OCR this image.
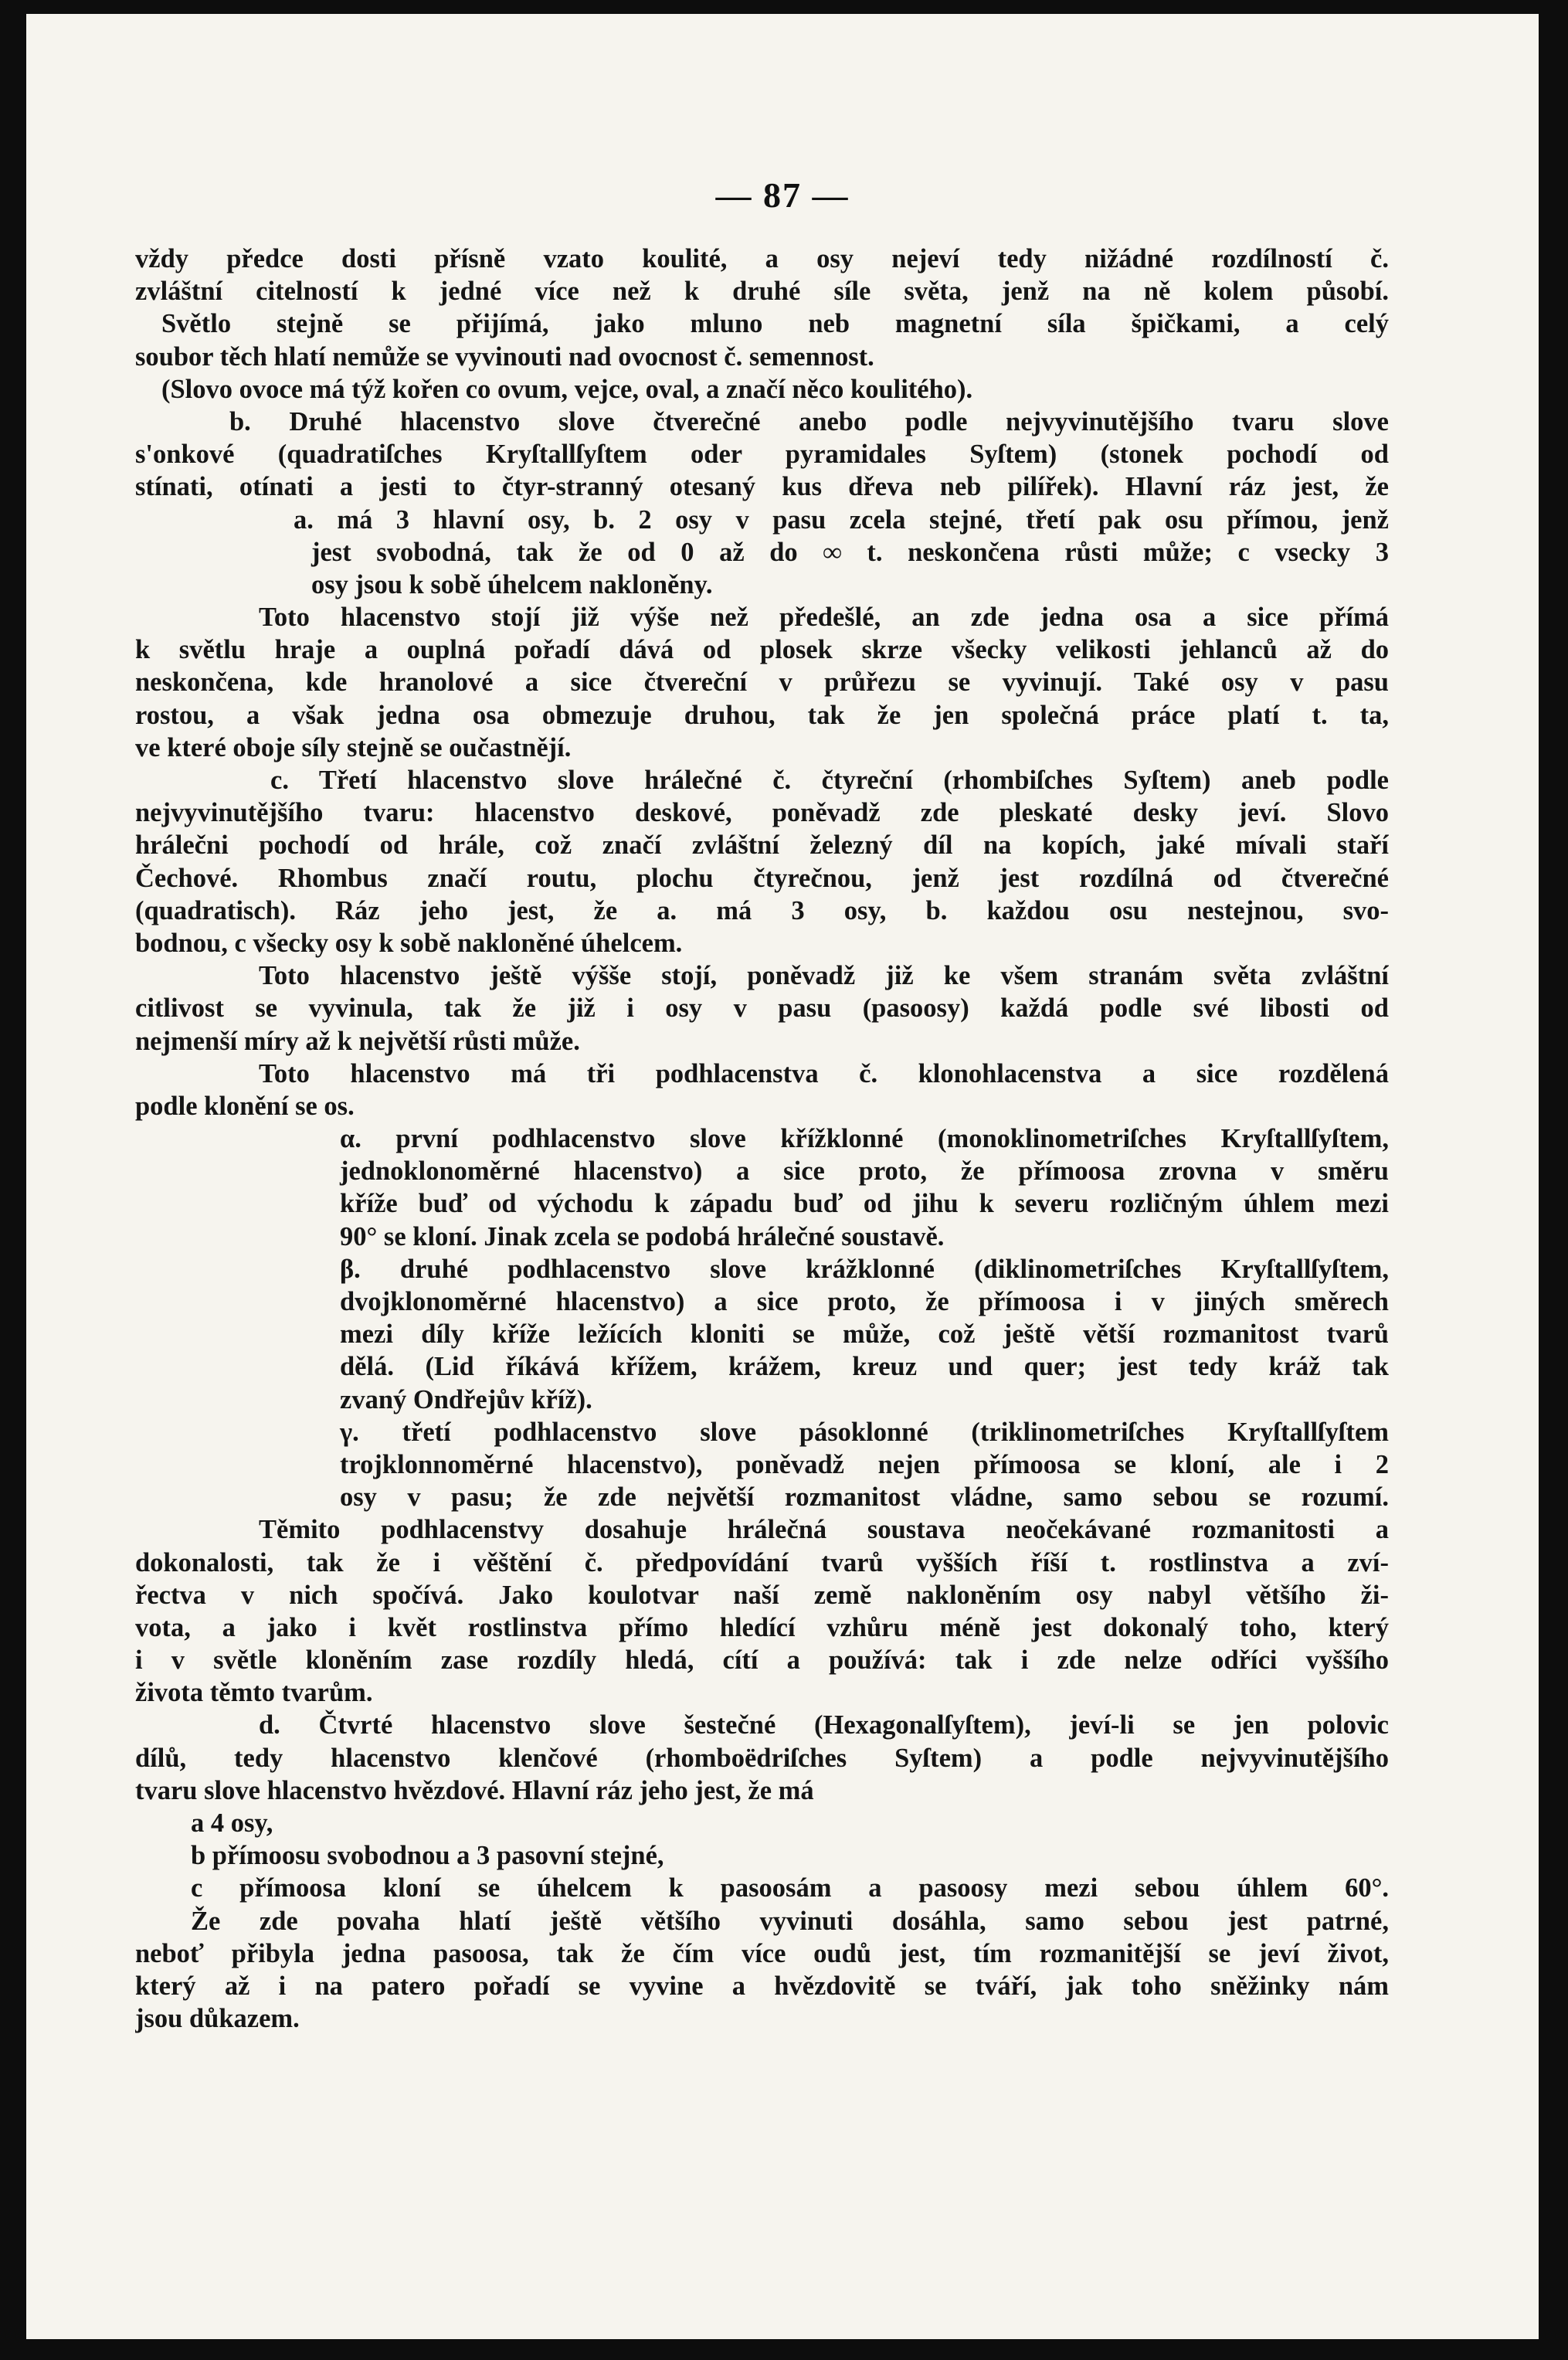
— 87 —
vždy předce dosti přísně vzato koulité, a osy nejeví tedy nižádné rozdílností č.
zvláštní citelností k jedné více než k druhé síle světa, jenž na ně kolem působí.
Světlo stejně se přijímá, jako mluno neb magnetní síla špičkami, a celý
soubor těch hlatí nemůže se vyvinouti nad ovocnost č. semennost.
(Slovo ovoce má týž kořen co ovum, vejce, oval, a značí něco koulitého).
b. Druhé hlacenstvo slove čtverečné anebo podle nejvyvinutějšího tvaru slove
s'onkové (quadratiſches Kryſtallſyſtem oder pyramidales Syſtem) (stonek pochodí od
stínati, otínati a jesti to čtyr-stranný otesaný kus dřeva neb pilířek). Hlavní ráz jest, že
a. má 3 hlavní osy, b. 2 osy v pasu zcela stejné, třetí pak osu přímou, jenž
jest svobodná, tak že od 0 až do ∞ t. neskončena růsti může; c vsecky 3
osy jsou k sobě úhelcem nakloněny.
Toto hlacenstvo stojí již výše než předešlé, an zde jedna osa a sice přímá
k světlu hraje a ouplná pořadí dává od plosek skrze všecky velikosti jehlanců až do
neskončena, kde hranolové a sice čtvereční v průřezu se vyvinují. Také osy v pasu
rostou, a však jedna osa obmezuje druhou, tak že jen společná práce platí t. ta,
ve které oboje síly stejně se oučastnějí.
c. Třetí hlacenstvo slove hrálečné č. čtyreční (rhombiſches Syſtem) aneb podle
nejvyvinutějšího tvaru: hlacenstvo deskové, poněvadž zde pleskaté desky jeví. Slovo
hrálečni pochodí od hrále, což značí zvláštní železný díl na kopích, jaké mívali staří
Čechové. Rhombus značí routu, plochu čtyrečnou, jenž jest rozdílná od čtverečné
(quadratisch). Ráz jeho jest, že a. má 3 osy, b. každou osu nestejnou, svo-
bodnou, c všecky osy k sobě nakloněné úhelcem.
Toto hlacenstvo ještě výšše stojí, poněvadž již ke všem stranám světa zvláštní
citlivost se vyvinula, tak že již i osy v pasu (pasoosy) každá podle své libosti od
nejmenší míry až k největší růsti může.
Toto hlacenstvo má tři podhlacenstva č. klonohlacenstva a sice rozdělená
podle klonění se os.
α. první podhlacenstvo slove křížklonné (monoklinometriſches Kryſtallſyſtem,
jednoklonoměrné hlacenstvo) a sice proto, že přímoosa zrovna v směru
kříže buď od východu k západu buď od jihu k severu rozličným úhlem mezi
90° se kloní. Jinak zcela se podobá hrálečné soustavě.
β. druhé podhlacenstvo slove krážklonné (diklinometriſches Kryſtallſyſtem,
dvojklonoměrné hlacenstvo) a sice proto, že přímoosa i v jiných směrech
mezi díly kříže ležících kloniti se může, což ještě větší rozmanitost tvarů
dělá. (Lid říkává křížem, krážem, kreuz und quer; jest tedy kráž tak
zvaný Ondřejův kříž).
γ. třetí podhlacenstvo slove pásoklonné (triklinometriſches Kryſtallſyſtem
trojklonnoměrné hlacenstvo), poněvadž nejen přímoosa se kloní, ale i 2
osy v pasu; že zde největší rozmanitost vládne, samo sebou se rozumí.
Těmito podhlacenstvy dosahuje hrálečná soustava neočekávané rozmanitosti a
dokonalosti, tak že i věštění č. předpovídání tvarů vyšších říší t. rostlinstva a zví-
řectva v nich spočívá. Jako koulotvar naší země nakloněním osy nabyl většího ži-
vota, a jako i květ rostlinstva přímo hledící vzhůru méně jest dokonalý toho, který
i v světle kloněním zase rozdíly hledá, cítí a používá: tak i zde nelze odříci vyššího
života těmto tvarům.
d. Čtvrté hlacenstvo slove šestečné (Hexagonalſyſtem), jeví-li se jen polovic
dílů, tedy hlacenstvo klenčové (rhomboëdriſches Syſtem) a podle nejvyvinutějšího
tvaru slove hlacenstvo hvězdové. Hlavní ráz jeho jest, že má
a 4 osy,
b přímoosu svobodnou a 3 pasovní stejné,
c přímoosa kloní se úhelcem k pasoosám a pasoosy mezi sebou úhlem 60°.
Že zde povaha hlatí ještě většího vyvinuti dosáhla, samo sebou jest patrné,
neboť přibyla jedna pasoosa, tak že čím více oudů jest, tím rozmanitější se jeví život,
který až i na patero pořadí se vyvine a hvězdovitě se tváří, jak toho sněžinky nám
jsou důkazem.
